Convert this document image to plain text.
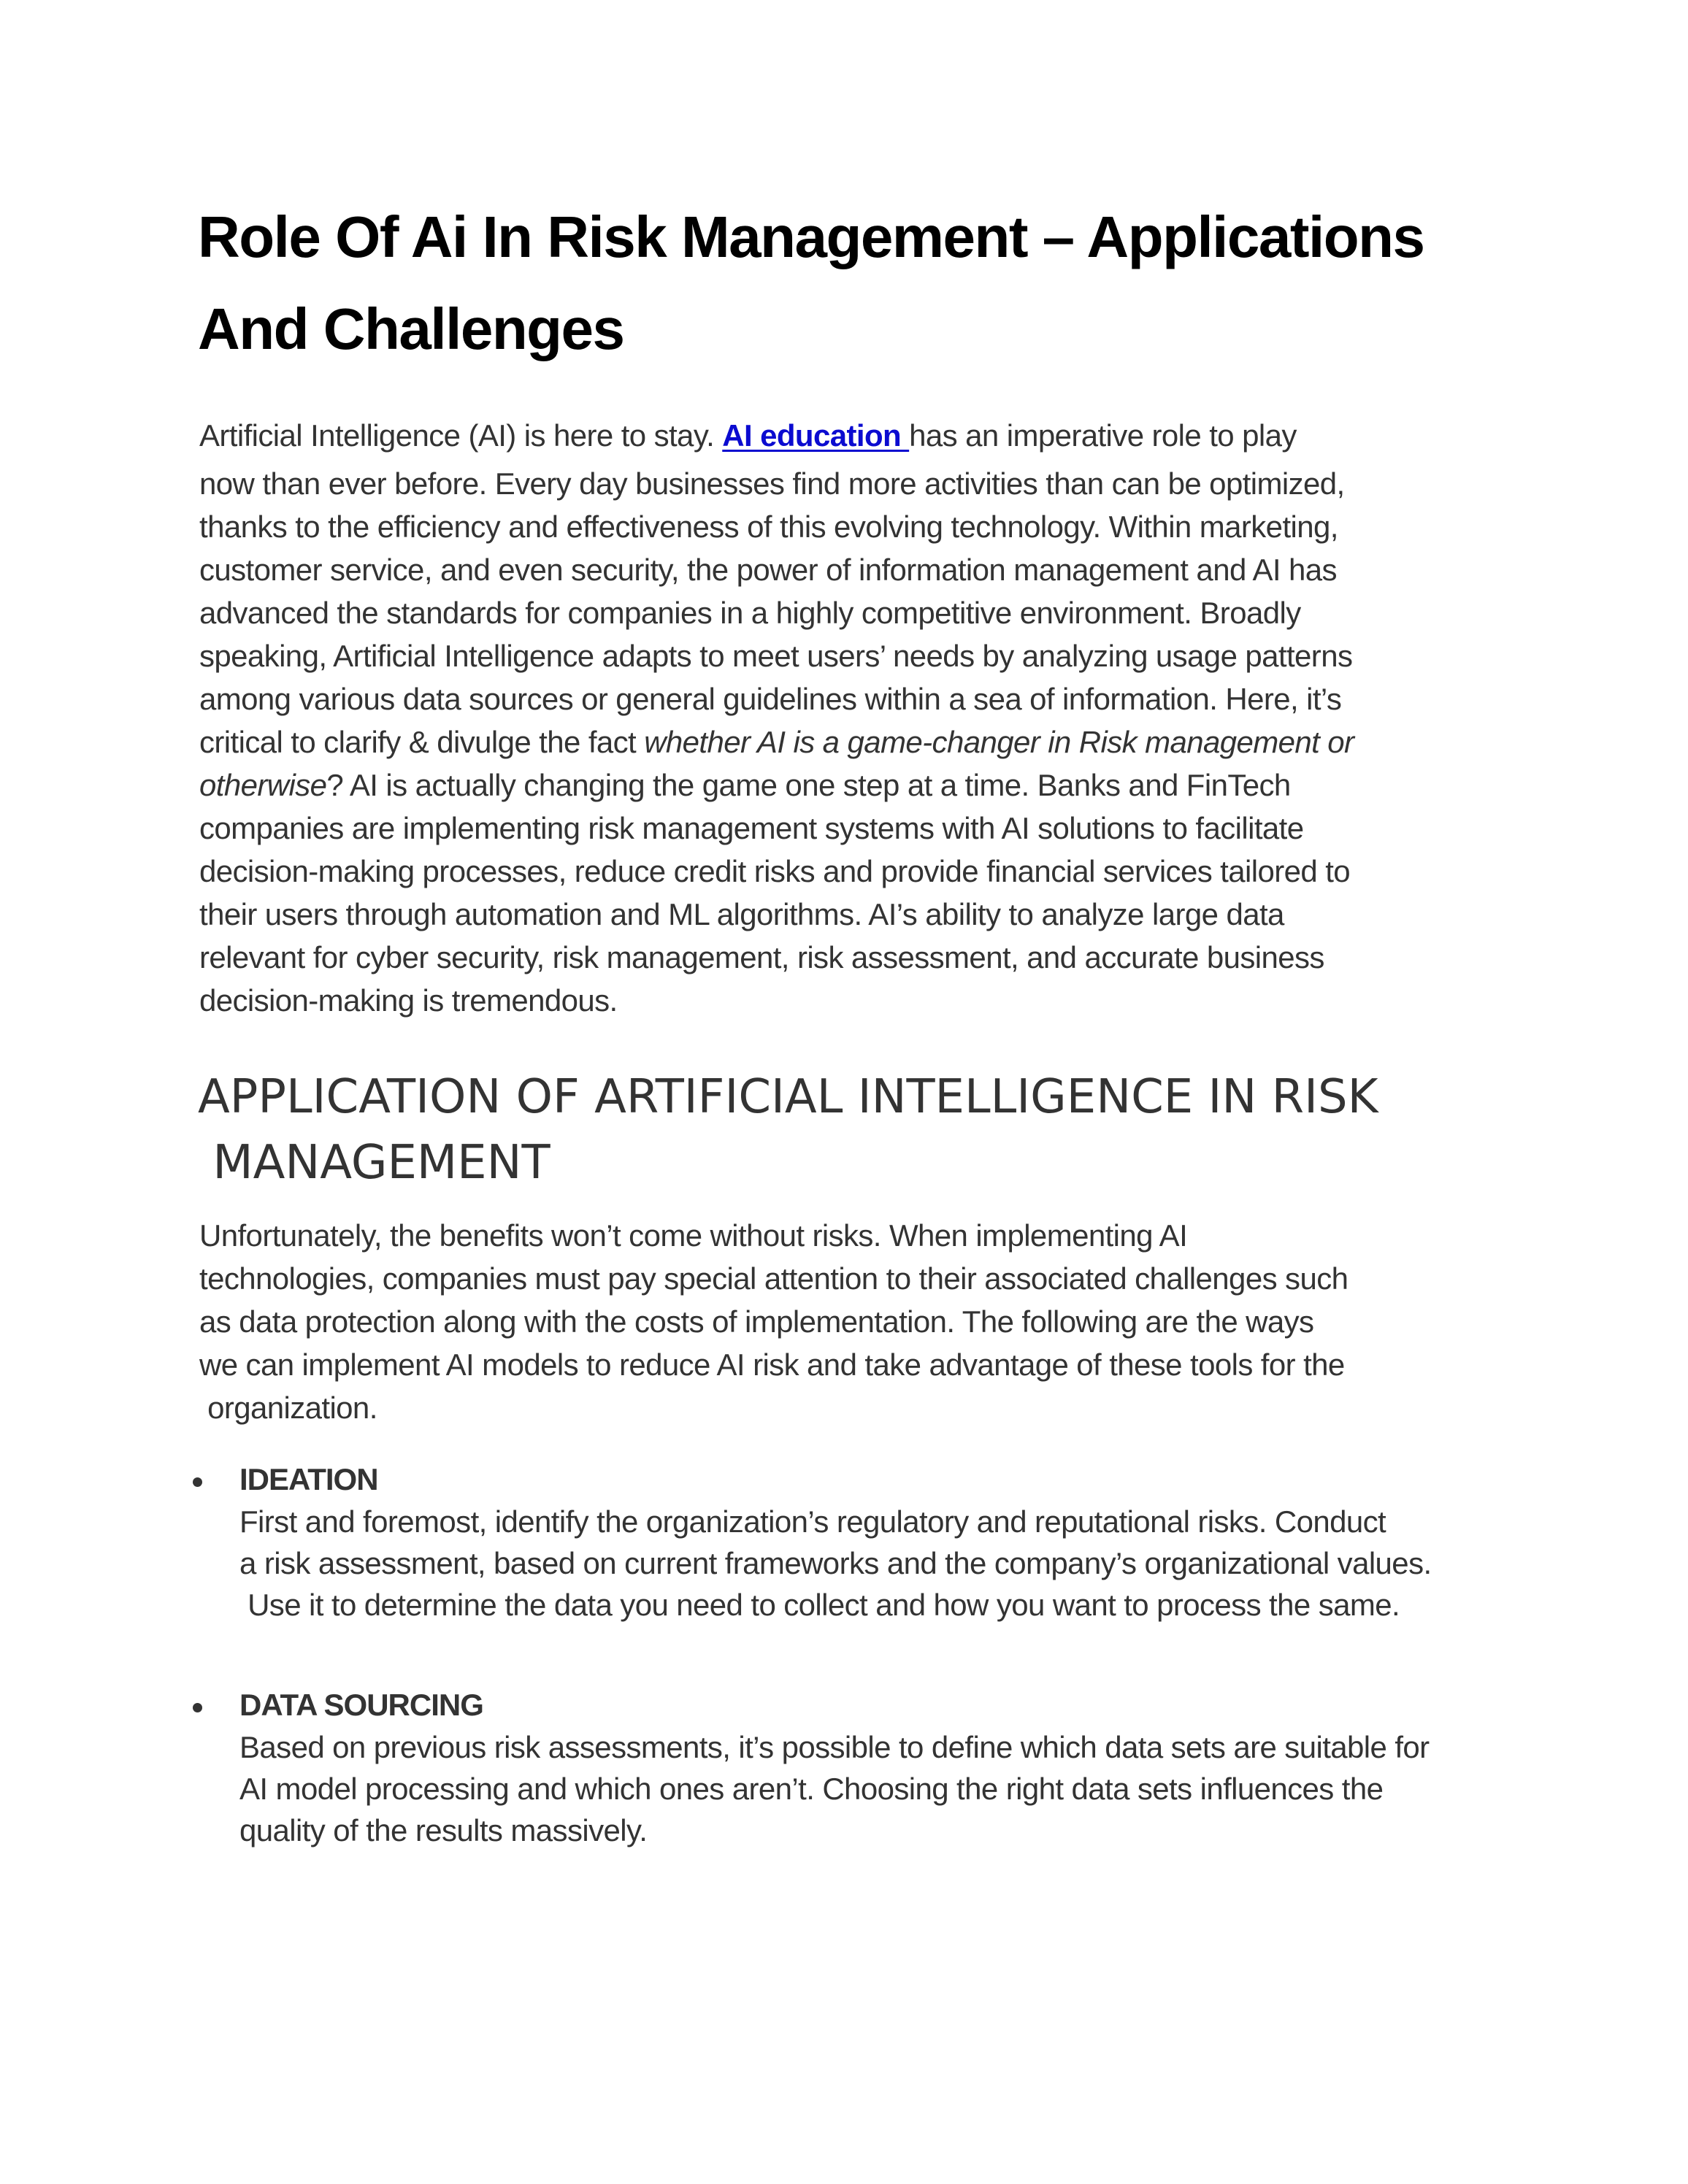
Role Of Ai In Risk Management – Applications
And Challenges
Artificial Intelligence (AI) is here to stay. AI education has an imperative role to play
now than ever before. Every day businesses find more activities than can be optimized,
thanks to the efficiency and effectiveness of this evolving technology. Within marketing,
customer service, and even security, the power of information management and AI has
advanced the standards for companies in a highly competitive environment. Broadly
speaking, Artificial Intelligence adapts to meet users’ needs by analyzing usage patterns
among various data sources or general guidelines within a sea of information. Here, it’s
critical to clarify & divulge the fact whether AI is a game-changer in Risk management or
otherwise? AI is actually changing the game one step at a time. Banks and FinTech
companies are implementing risk management systems with AI solutions to facilitate
decision-making processes, reduce credit risks and provide financial services tailored to
their users through automation and ML algorithms. AI’s ability to analyze large data
relevant for cyber security, risk management, risk assessment, and accurate business
decision-making is tremendous.
APPLICATION OF ARTIFICIAL INTELLIGENCE IN RISK
MANAGEMENT
Unfortunately, the benefits won’t come without risks. When implementing AI
technologies, companies must pay special attention to their associated challenges such
as data protection along with the costs of implementation. The following are the ways
we can implement AI models to reduce AI risk and take advantage of these tools for the
organization.
IDEATION
First and foremost, identify the organization’s regulatory and reputational risks. Conduct
a risk assessment, based on current frameworks and the company’s organizational values.
Use it to determine the data you need to collect and how you want to process the same.
DATA SOURCING
Based on previous risk assessments, it’s possible to define which data sets are suitable for
AI model processing and which ones aren’t. Choosing the right data sets influences the
quality of the results massively.
